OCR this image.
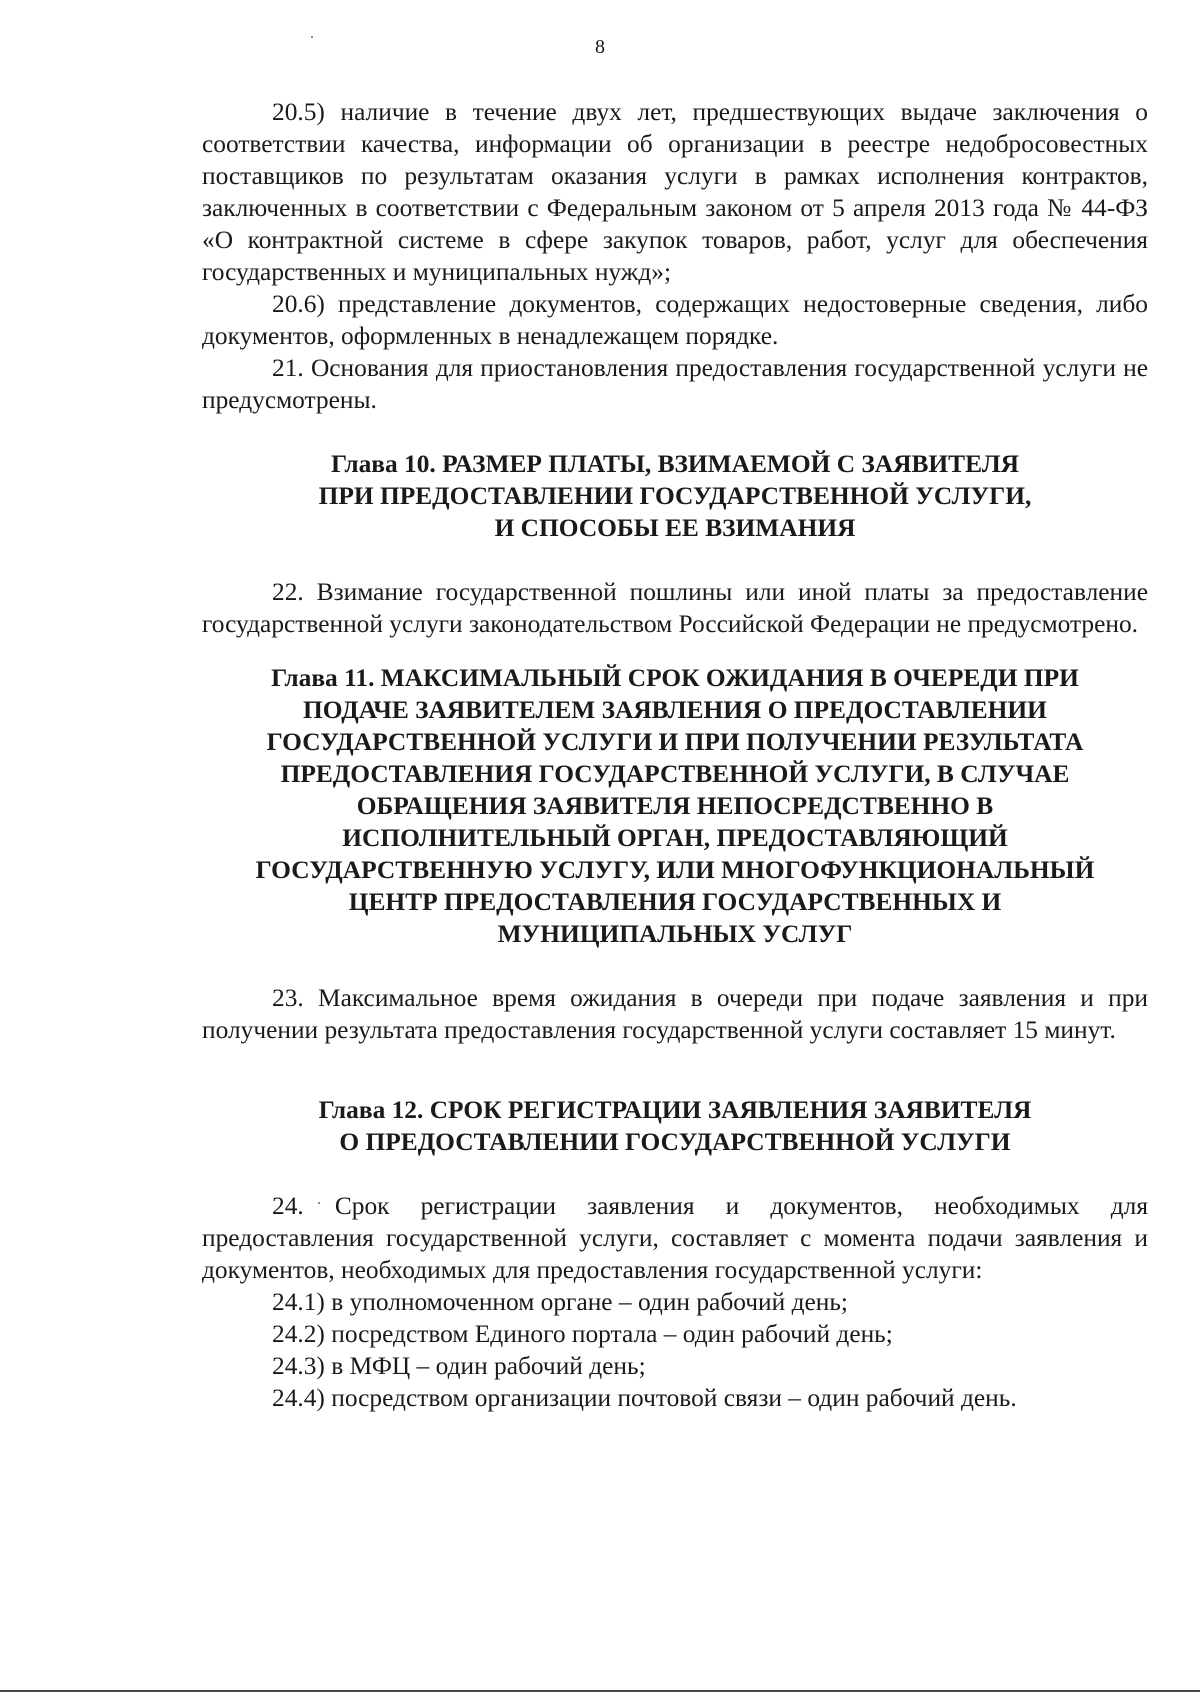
8

20.5) наличие в течение двух лет, предшествующих выдаче заключения о соответствии качества, информации об организации в реестре недобросовестных поставщиков по результатам оказания услуги в рамках исполнения контрактов, заключенных в соответствии с Федеральным законом от 5 апреля 2013 года № 44-ФЗ «О контрактной системе в сфере закупок товаров, работ, услуг для обеспечения государственных и муниципальных нужд»;

20.6) представление документов, содержащих недостоверные сведения, либо документов, оформленных в ненадлежащем порядке.

21. Основания для приостановления предоставления государственной услуги не предусмотрены.

Глава 10. РАЗМЕР ПЛАТЫ, ВЗИМАЕМОЙ С ЗАЯВИТЕЛЯ
ПРИ ПРЕДОСТАВЛЕНИИ ГОСУДАРСТВЕННОЙ УСЛУГИ,
И СПОСОБЫ ЕЕ ВЗИМАНИЯ

22. Взимание государственной пошлины или иной платы за предоставление государственной услуги законодательством Российской Федерации не предусмотрено.

Глава 11. МАКСИМАЛЬНЫЙ СРОК ОЖИДАНИЯ В ОЧЕРЕДИ ПРИ
ПОДАЧЕ ЗАЯВИТЕЛЕМ ЗАЯВЛЕНИЯ О ПРЕДОСТАВЛЕНИИ
ГОСУДАРСТВЕННОЙ УСЛУГИ И ПРИ ПОЛУЧЕНИИ РЕЗУЛЬТАТА
ПРЕДОСТАВЛЕНИЯ ГОСУДАРСТВЕННОЙ УСЛУГИ, В СЛУЧАЕ
ОБРАЩЕНИЯ ЗАЯВИТЕЛЯ НЕПОСРЕДСТВЕННО В
ИСПОЛНИТЕЛЬНЫЙ ОРГАН, ПРЕДОСТАВЛЯЮЩИЙ
ГОСУДАРСТВЕННУЮ УСЛУГУ, ИЛИ МНОГОФУНКЦИОНАЛЬНЫЙ
ЦЕНТР ПРЕДОСТАВЛЕНИЯ ГОСУДАРСТВЕННЫХ И
МУНИЦИПАЛЬНЫХ УСЛУГ

23. Максимальное время ожидания в очереди при подаче заявления и при получении результата предоставления государственной услуги составляет 15 минут.

Глава 12. СРОК РЕГИСТРАЦИИ ЗАЯВЛЕНИЯ ЗАЯВИТЕЛЯ
О ПРЕДОСТАВЛЕНИИ ГОСУДАРСТВЕННОЙ УСЛУГИ

24. Срок регистрации заявления и документов, необходимых для предоставления государственной услуги, составляет с момента подачи заявления и документов, необходимых для предоставления государственной услуги:

24.1) в уполномоченном органе – один рабочий день;

24.2) посредством Единого портала – один рабочий день;

24.3) в МФЦ – один рабочий день;

24.4) посредством организации почтовой связи – один рабочий день.
